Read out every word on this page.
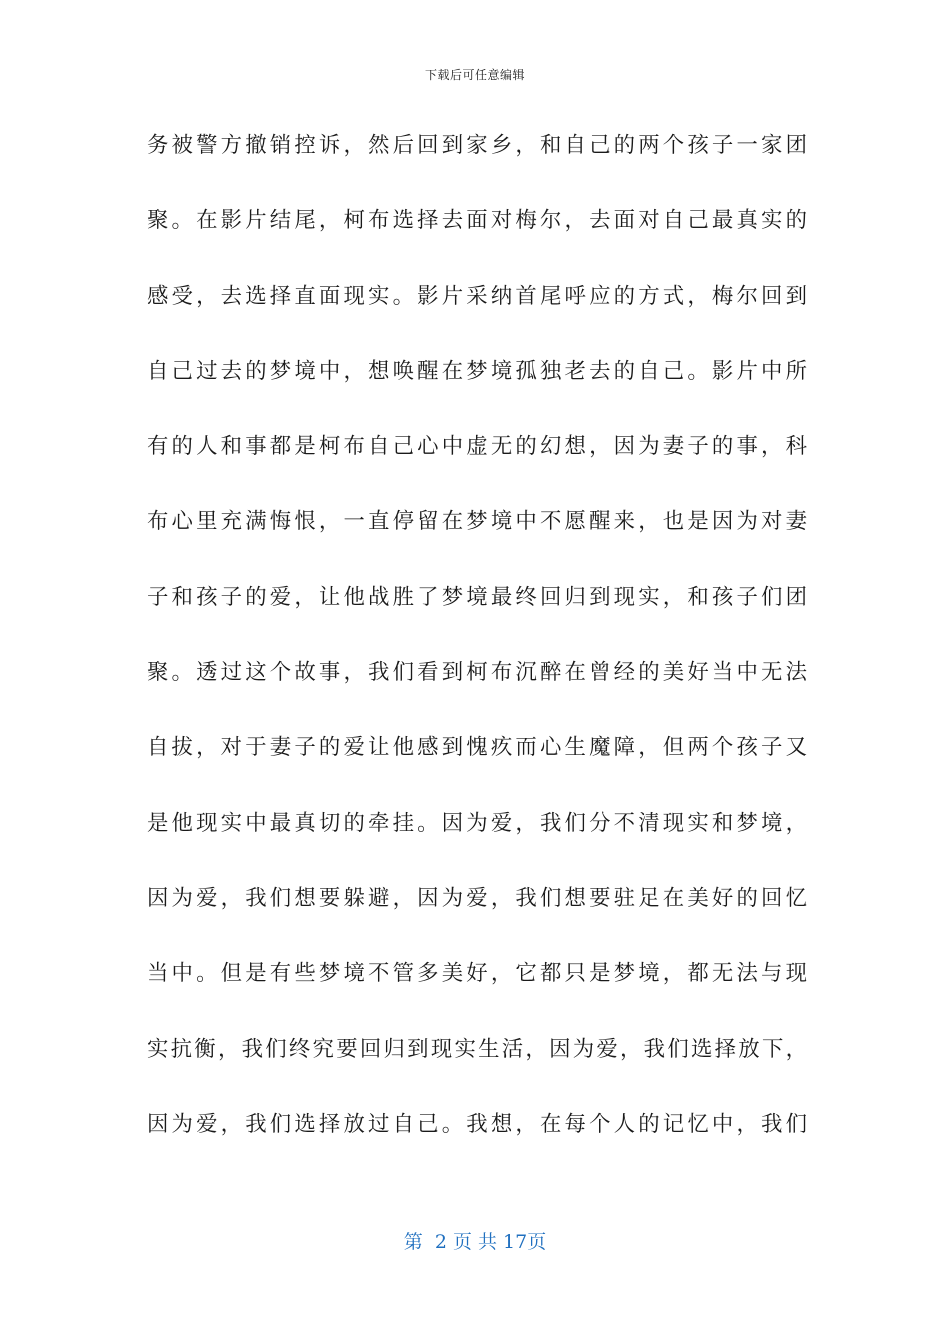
下载后可任意编辑
务被警方撤销控诉，然后回到家乡，和自己的两个孩子一家团
聚。在影片结尾，柯布选择去面对梅尔，去面对自己最真实的
感受，去选择直面现实。影片采纳首尾呼应的方式，梅尔回到
自己过去的梦境中，想唤醒在梦境孤独老去的自己。影片中所
有的人和事都是柯布自己心中虚无的幻想，因为妻子的事，科
布心里充满悔恨，一直停留在梦境中不愿醒来，也是因为对妻
子和孩子的爱，让他战胜了梦境最终回归到现实，和孩子们团
聚。透过这个故事，我们看到柯布沉醉在曾经的美好当中无法
自拔，对于妻子的爱让他感到愧疚而心生魔障，但两个孩子又
是他现实中最真切的牵挂。因为爱，我们分不清现实和梦境，
因为爱，我们想要躲避，因为爱，我们想要驻足在美好的回忆
当中。但是有些梦境不管多美好，它都只是梦境，都无法与现
实抗衡，我们终究要回归到现实生活，因为爱，我们选择放下，
因为爱，我们选择放过自己。我想，在每个人的记忆中，我们
第  2 页 共 17页
